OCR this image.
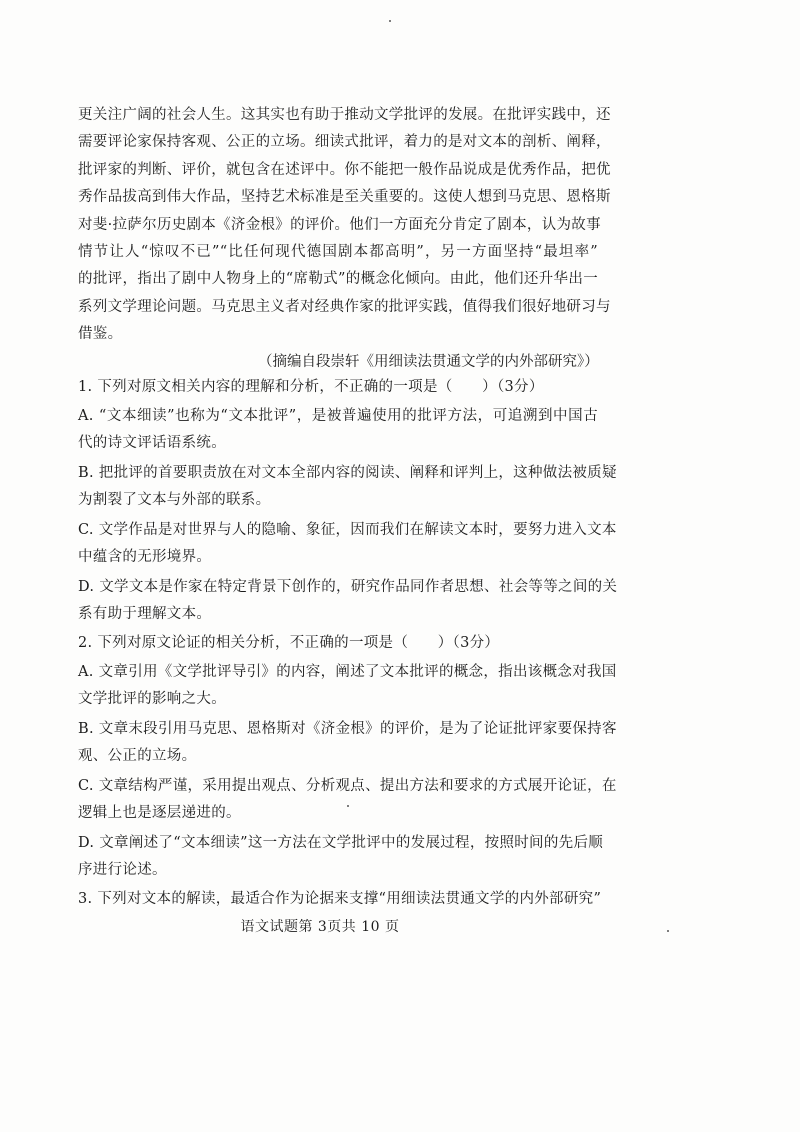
更关注广阔的社会人生。这其实也有助于推动文学批评的发展。在批评实践中，还
需要评论家保持客观、公正的立场。细读式批评，着力的是对文本的剖析、阐释，
批评家的判断、评价，就包含在述评中。你不能把一般作品说成是优秀作品，把优
秀作品拔高到伟大作品，坚持艺术标准是至关重要的。这使人想到马克思、恩格斯
对斐·拉萨尔历史剧本《济金根》的评价。他们一方面充分肯定了剧本，认为故事
情节让人“惊叹不已”“比任何现代德国剧本都高明”，另一方面坚持“最坦率”
的批评，指出了剧中人物身上的“席勒式”的概念化倾向。由此，他们还升华出一
系列文学理论问题。马克思主义者对经典作家的批评实践，值得我们很好地研习与
借鉴。
（摘编自段崇轩《用细读法贯通文学的内外部研究》）
1. 下列对原文相关内容的理解和分析，不正确的一项是（　　）（3分）
A. “文本细读”也称为“文本批评”，是被普遍使用的批评方法，可追溯到中国古
代的诗文评话语系统。
B. 把批评的首要职责放在对文本全部内容的阅读、阐释和评判上，这种做法被质疑
为割裂了文本与外部的联系。
C. 文学作品是对世界与人的隐喻、象征，因而我们在解读文本时，要努力进入文本
中蕴含的无形境界。
D. 文学文本是作家在特定背景下创作的，研究作品同作者思想、社会等等之间的关
系有助于理解文本。
2. 下列对原文论证的相关分析，不正确的一项是（　　）（3分）
A. 文章引用《文学批评导引》的内容，阐述了文本批评的概念，指出该概念对我国
文学批评的影响之大。
B. 文章末段引用马克思、恩格斯对《济金根》的评价，是为了论证批评家要保持客
观、公正的立场。
C. 文章结构严谨，采用提出观点、分析观点、提出方法和要求的方式展开论证，在
逻辑上也是逐层递进的。
D. 文章阐述了“文本细读”这一方法在文学批评中的发展过程，按照时间的先后顺
序进行论述。
3. 下列对文本的解读，最适合作为论据来支撑“用细读法贯通文学的内外部研究”
语文试题第 3页共 10 页
